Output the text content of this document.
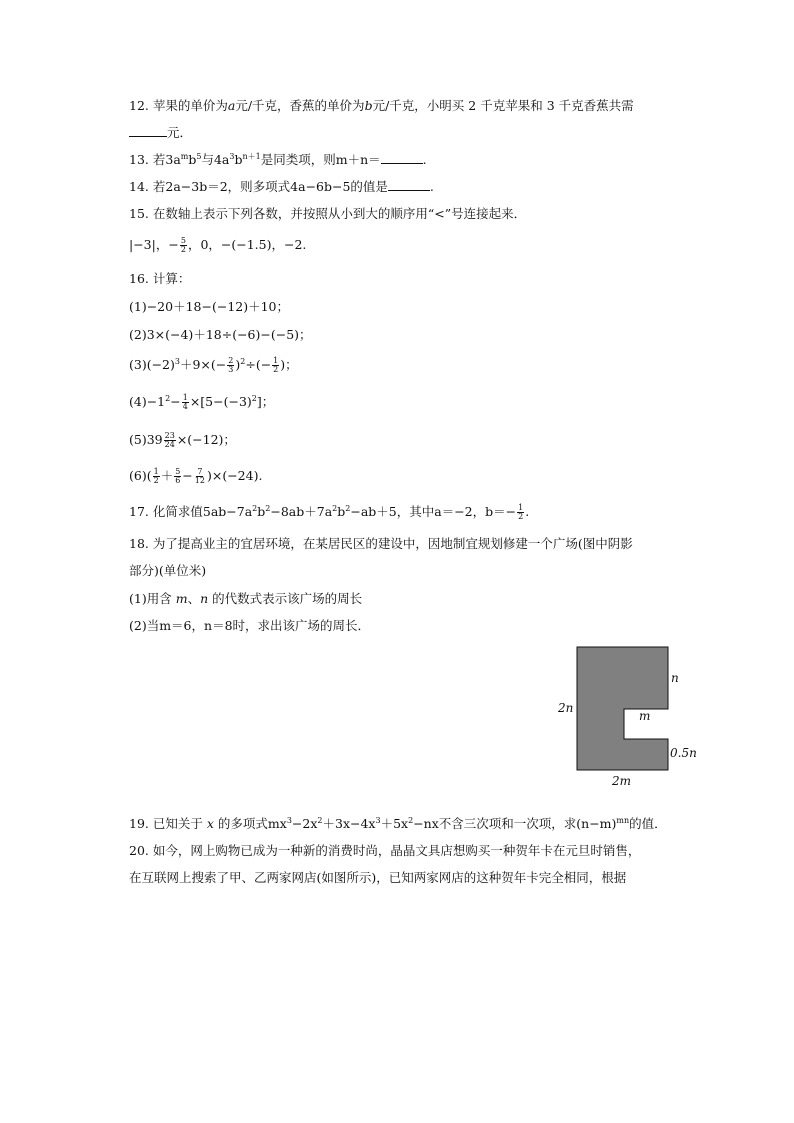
12. 苹果的单价为a元/千克，香蕉的单价为b元/千克，小明买 2 千克苹果和 3 千克香蕉共需
元．
13. 若$3a^mb^5$与$4a^3b^{n+1}$是同类项，则m＋n＝	.
14. 若2a−3b＝2，则多项式4a−6b−5的值是	.
15. 在数轴上表示下列各数，并按照从小到大的顺序用“<”号连接起来．
|−3|，− $\frac{5}{2}$ ，0，−(−1.5)，−2.
16. 计算：
(1)−20＋18−(−12)＋10；
(2)3×(−4)＋18÷(−6)−(−5)；
$(3)(-2)^3+9\times(- \frac{2}{3} )^2\div(- \frac{1}{2}$ )；
$(4)-1^2- \frac{1}{4} \times[5-(-3)^2]$；
$(5)39 \frac{23}{24} \times(-12)$；
$(6)( \frac{1}{2} + \frac{5}{6} - \frac{7}{12} )\times(-24)$.
17. 化简求值$5ab-7a^2b^2-8ab+7a^2b^2-ab+5$，其中a＝−2，$b=- \frac{1}{2}$ .
18. 为了提高业主的宜居环境，在某居民区的建设中，因地制宜规划修建一个广场(图中阴影
部分)(单位米)
(1)用含 m、n 的代数式表示该广场的周长
(2)当m＝6，n＝8时，求出该广场的周长．
n
2n
m
0.5n
2m
19. 已知关于 x 的多项式$mx^3-2x^2+3x-4x^3+5x^2-nx$不含三次项和一次项，求$(n-m)^{mn}$的值．
20. 如今，网上购物已成为一种新的消费时尚，晶晶文具店想购买一种贺年卡在元旦时销售，
在互联网上搜索了甲、乙两家网店(如图所示)，已知两家网店的这种贺年卡完全相同，根据
